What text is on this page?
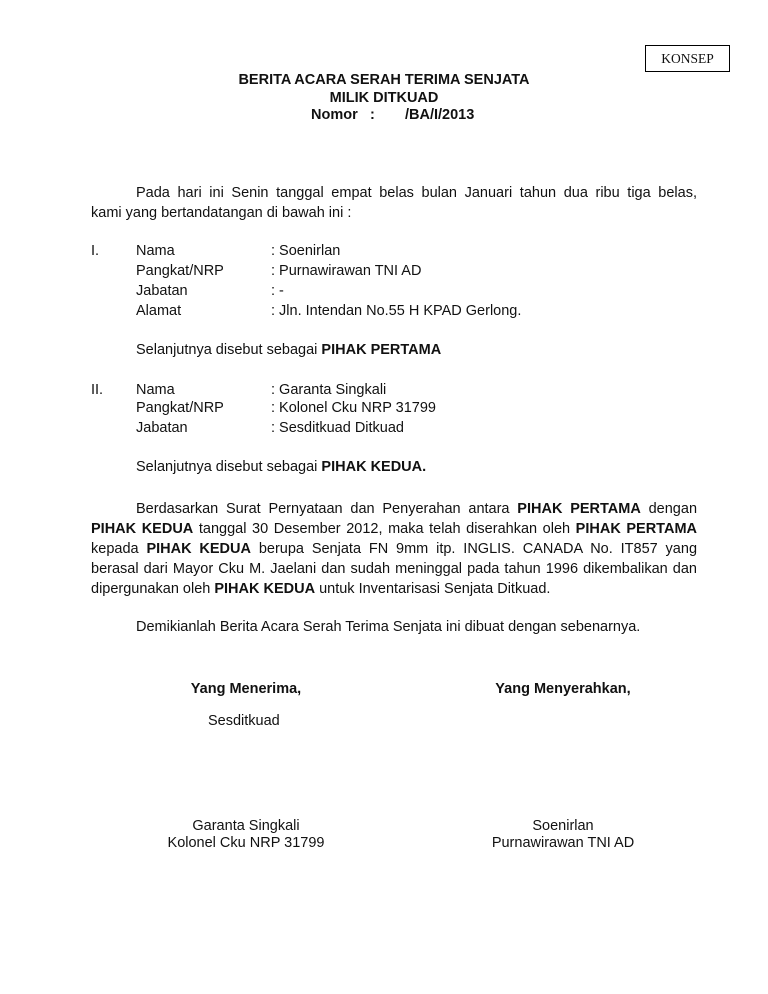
KONSEP
BERITA ACARA SERAH TERIMA SENJATA
MILIK DITKUAD
Nomor : /BA/I/2013
Pada hari ini Senin tanggal empat belas bulan Januari tahun dua ribu tiga belas,
kami yang bertandatangan di bawah ini :
I.	Nama	: Soenirlan
Pangkat/NRP	: Purnawirawan TNI AD
Jabatan	: -
Alamat	: Jln. Intendan No.55 H KPAD Gerlong.
Selanjutnya disebut sebagai PIHAK PERTAMA
II. Nama	: Garanta Singkali
Pangkat/NRP	: Kolonel Cku NRP 31799
Jabatan	: Sesditkuad Ditkuad
Selanjutnya disebut sebagai PIHAK KEDUA.
Berdasarkan Surat Pernyataan dan Penyerahan antara PIHAK PERTAMA dengan PIHAK KEDUA tanggal 30 Desember 2012, maka telah diserahkan oleh PIHAK PERTAMA kepada PIHAK KEDUA berupa Senjata FN 9mm itp. INGLIS. CANADA No. IT857 yang berasal dari Mayor Cku M. Jaelani dan sudah meninggal pada tahun 1996 dikembalikan dan dipergunakan oleh PIHAK KEDUA untuk Inventarisasi Senjata Ditkuad.
Demikianlah Berita Acara Serah Terima Senjata ini dibuat dengan sebenarnya.
Yang Menerima,
Sesditkuad
Garanta Singkali
Kolonel Cku NRP 31799
Yang Menyerahkan,
Soenirlan
Purnawirawan TNI AD
